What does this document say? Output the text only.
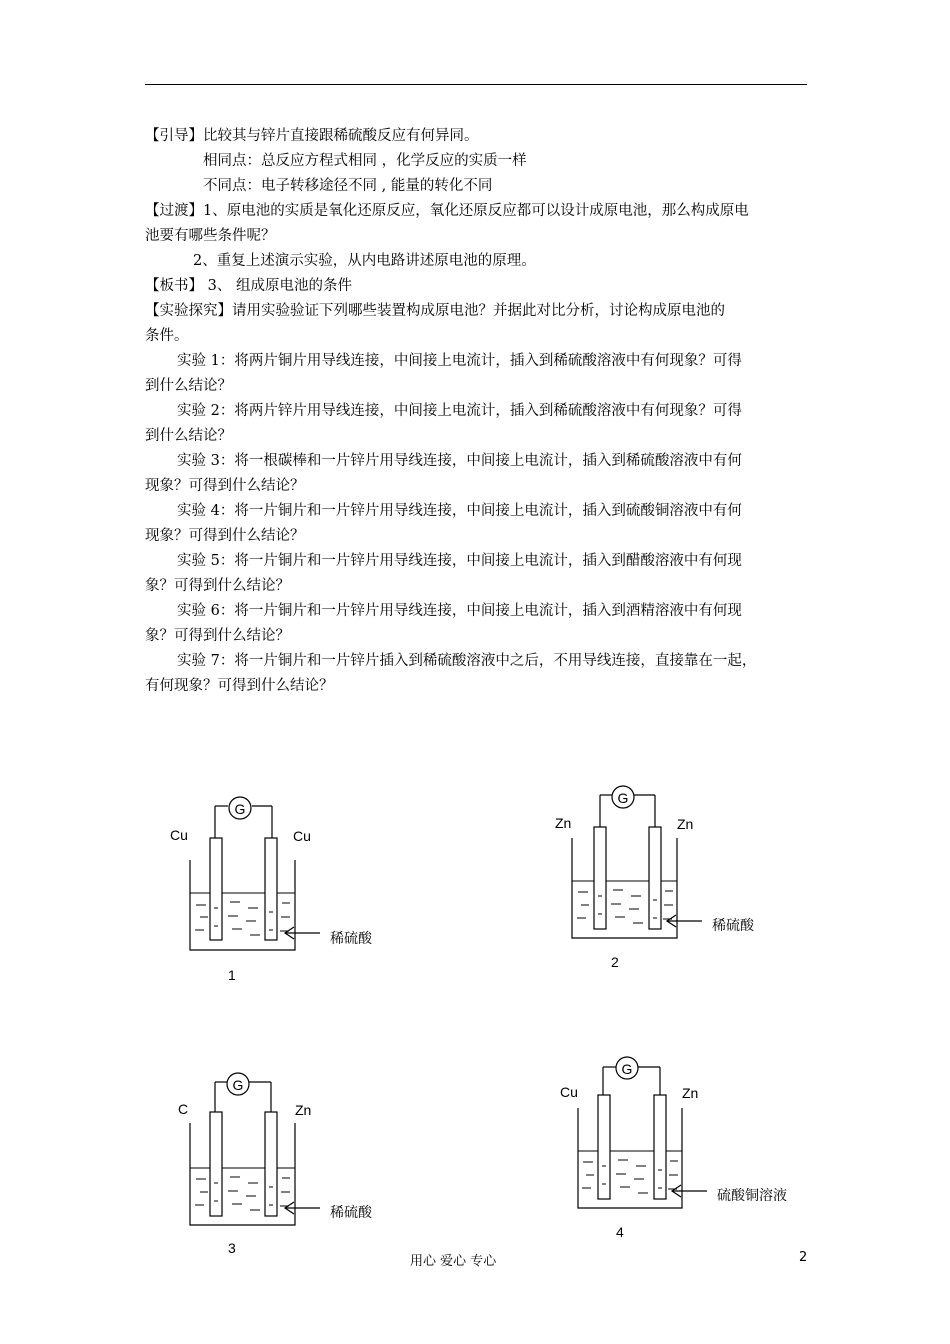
【引导】比较其与锌片直接跟稀硫酸反应有何异同。
相同点：总反应方程式相同 ，化学反应的实质一样
不同点：电子转移途径不同 , 能量的转化不同
【过渡】1、原电池的实质是氧化还原反应，氧化还原反应都可以设计成原电池，那么构成原电
池要有哪些条件呢？
2、重复上述演示实验，从内电路讲述原电池的原理。
【板书】 3、 组成原电池的条件
【实验探究】请用实验验证下列哪些装置构成原电池？并据此对比分析，讨论构成原电池的
条件。
实验 1：将两片铜片用导线连接，中间接上电流计，插入到稀硫酸溶液中有何现象？可得
到什么结论？
实验 2：将两片锌片用导线连接，中间接上电流计，插入到稀硫酸溶液中有何现象？可得
到什么结论？
实验 3：将一根碳棒和一片锌片用导线连接，中间接上电流计，插入到稀硫酸溶液中有何
现象？可得到什么结论？
实验 4：将一片铜片和一片锌片用导线连接，中间接上电流计，插入到硫酸铜溶液中有何
现象？可得到什么结论？
实验 5：将一片铜片和一片锌片用导线连接，中间接上电流计，插入到醋酸溶液中有何现
象？可得到什么结论？
实验 6：将一片铜片和一片锌片用导线连接，中间接上电流计，插入到酒精溶液中有何现
象？可得到什么结论？
实验 7：将一片铜片和一片锌片插入到稀硫酸溶液中之后，不用导线连接，直接靠在一起，
有何现象？可得到什么结论？
G
Cu	Cu
稀硫酸
1
G
Zn	Zn
稀硫酸
2
G
C	Zn
稀硫酸
3
G
Cu	Zn
硫酸铜溶液
4
用心 爱心 专心	2
